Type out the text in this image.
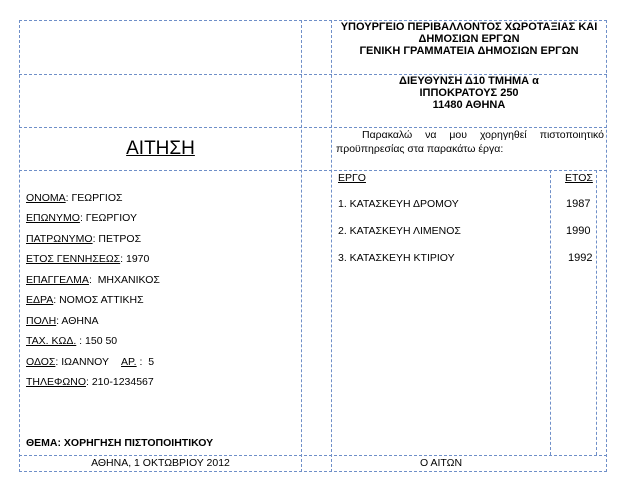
ΥΠΟΥΡΓΕΙΟ ΠΕΡΙΒΑΛΛΟΝΤΟΣ ΧΩΡΟΤΑΞΙΑΣ ΚΑΙ
ΔΗΜΟΣΙΩΝ ΕΡΓΩΝ
ΓΕΝΙΚΗ ΓΡΑΜΜΑΤΕΙΑ ΔΗΜΟΣΙΩΝ ΕΡΓΩΝ
ΔΙΕΥΘΥΝΣΗ Δ10 ΤΜΗΜΑ α
ΙΠΠΟΚΡΑΤΟΥΣ 250
11480 ΑΘΗΝΑ
ΑΙΤΗΣΗ
Παρακαλώ να μου χορηγηθεί πιστοποιητικό
προϋπηρεσίας στα παρακάτω έργα:
ΕΡΓΟ	ΕΤΟΣ
1. ΚΑΤΑΣΚΕΥΗ ΔΡΟΜΟΥ	1987
2. ΚΑΤΑΣΚΕΥΗ ΛΙΜΕΝΟΣ	1990
3. ΚΑΤΑΣΚΕΥΗ ΚΤΙΡΙΟΥ	1992
ΟΝΟΜΑ: ΓΕΩΡΓΙΟΣ
ΕΠΩΝΥΜΟ: ΓΕΩΡΓΙΟΥ
ΠΑΤΡΩΝΥΜΟ: ΠΕΤΡΟΣ
ΕΤΟΣ ΓΕΝΝΗΣΕΩΣ: 1970
ΕΠΑΓΓΕΛΜΑ:  ΜΗΧΑΝΙΚΟΣ
ΕΔΡΑ: ΝΟΜΟΣ ΑΤΤΙΚΗΣ
ΠΟΛΗ: ΑΘΗΝΑ
ΤΑΧ. ΚΩΔ. : 150 50
ΟΔΟΣ: ΙΩΑΝΝΟΥ ΑΡ. :  5
ΤΗΛΕΦΩΝΟ: 210-1234567
ΘΕΜΑ: ΧΟΡΗΓΗΣΗ ΠΙΣΤΟΠΟΙΗΤΙΚΟΥ
ΑΘΗΝΑ, 1 ΟΚΤΩΒΡΙΟΥ 2012	Ο ΑΙΤΩΝ
